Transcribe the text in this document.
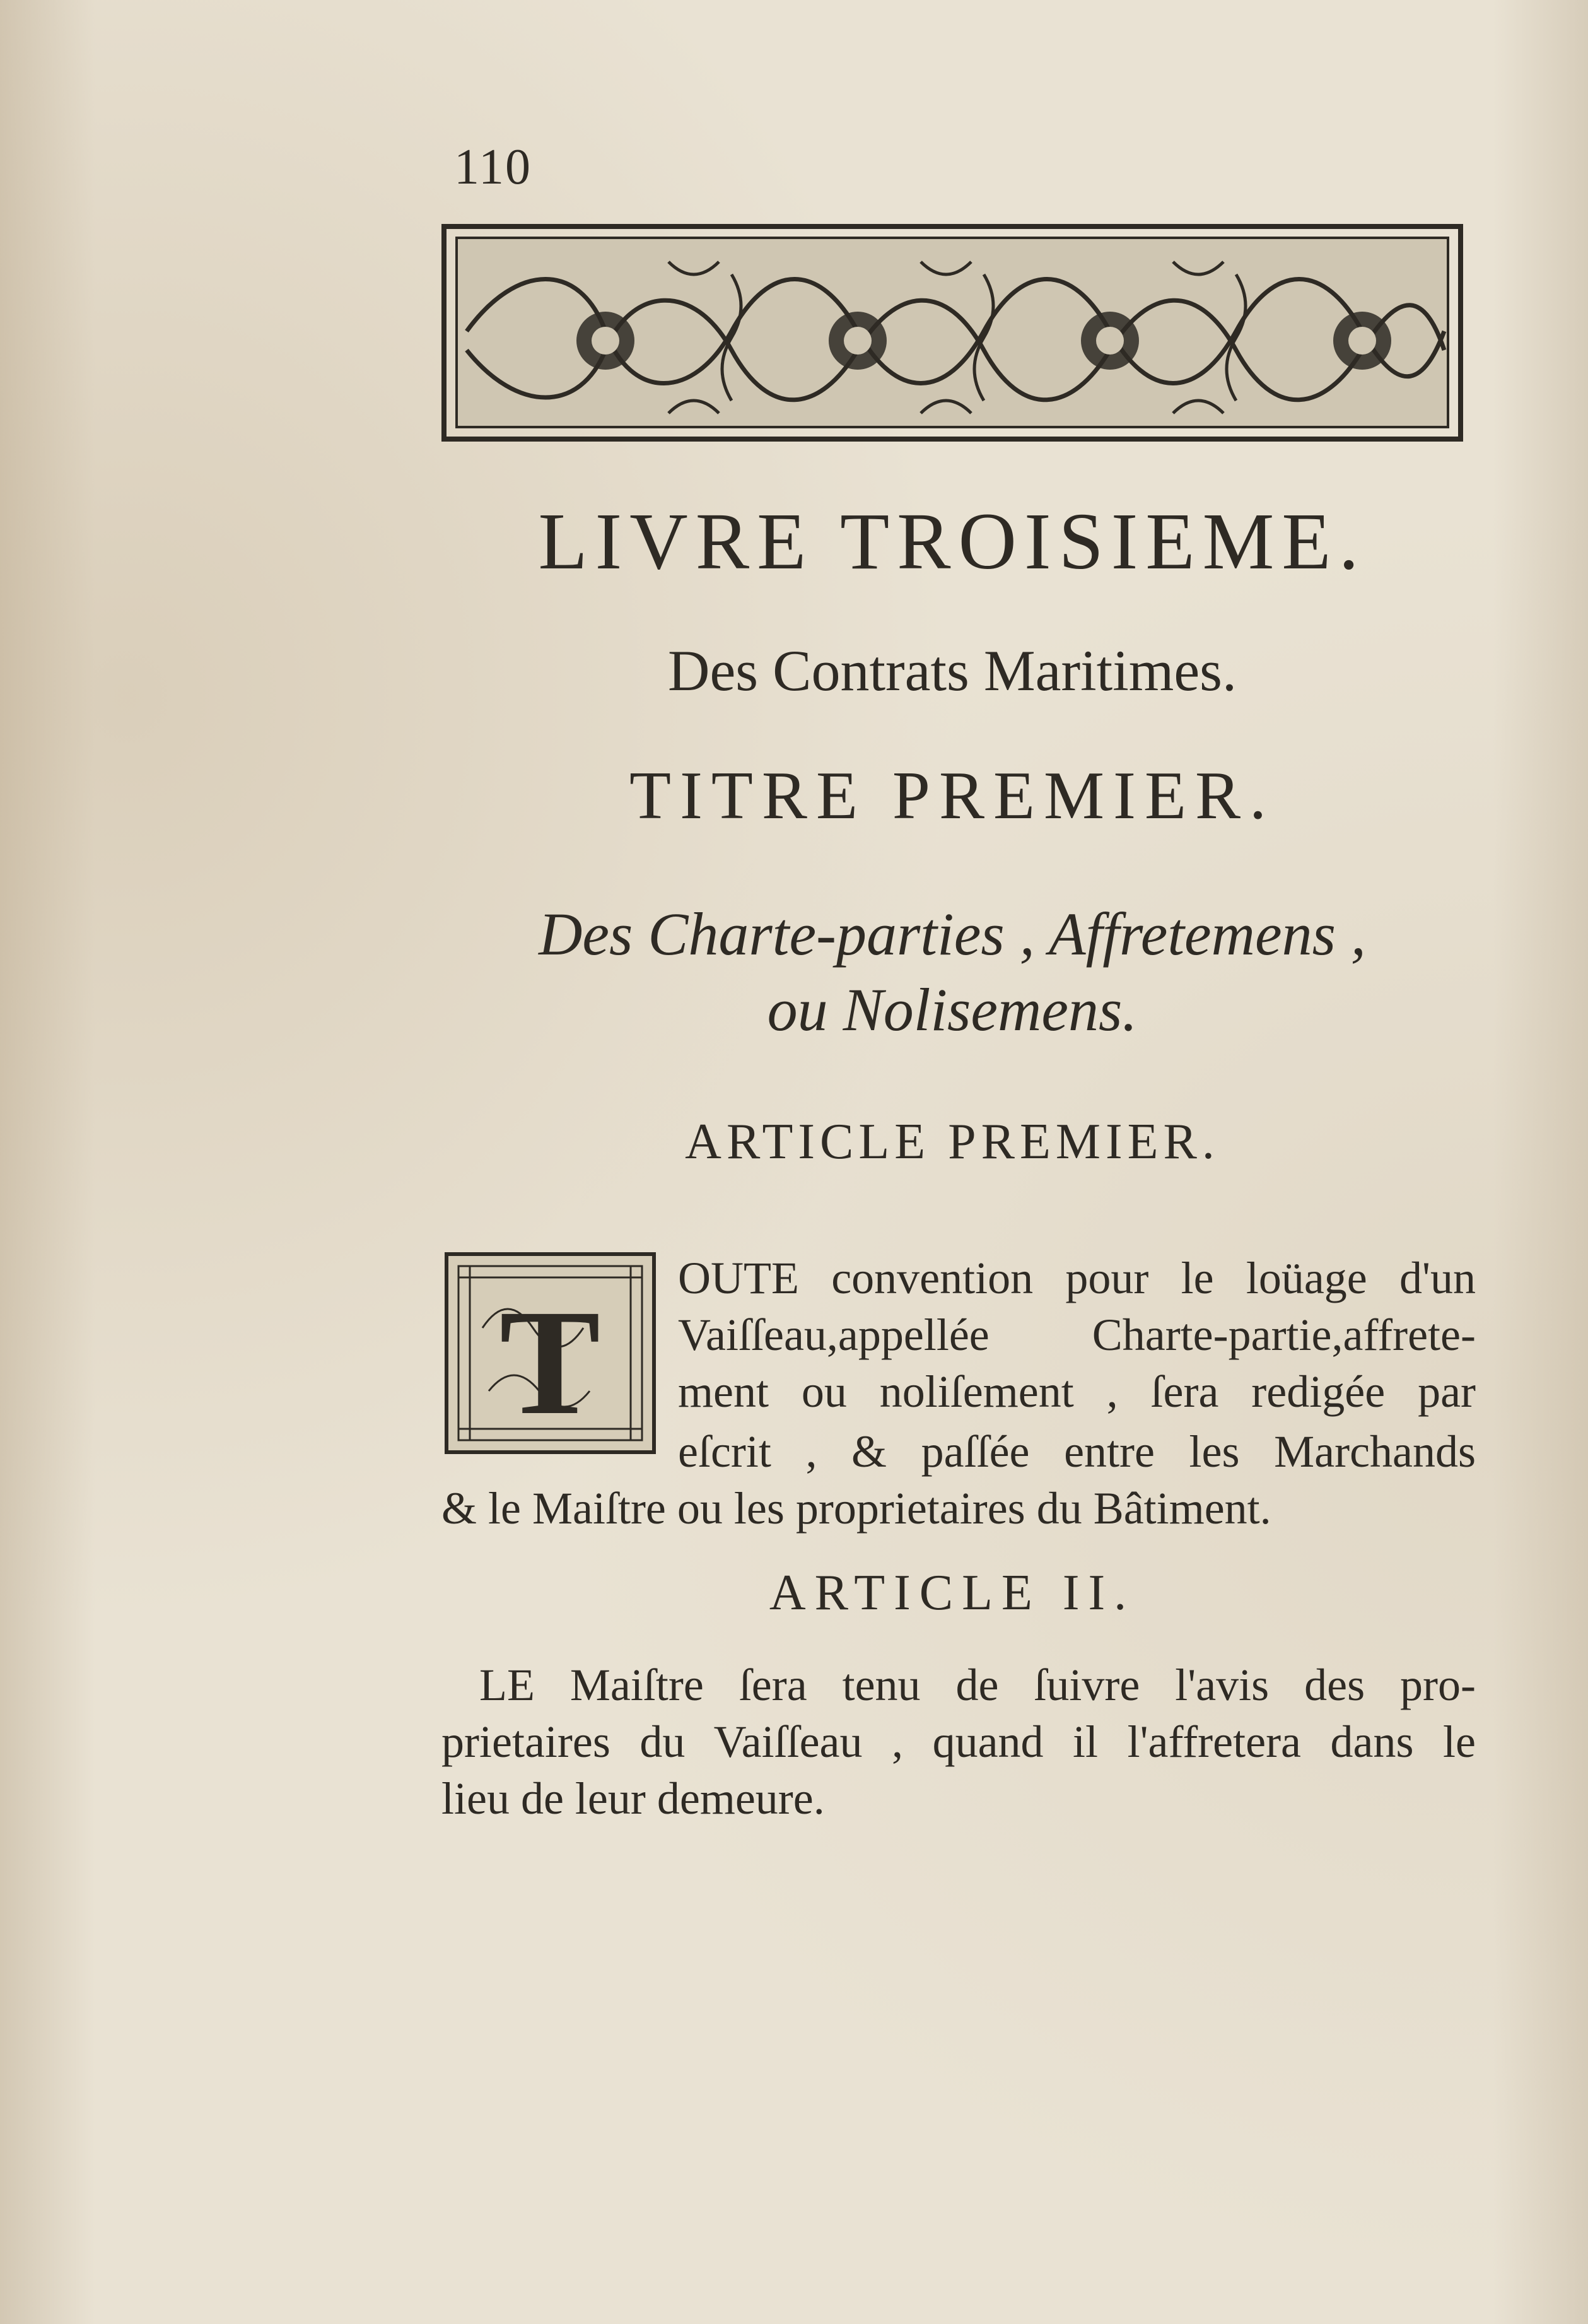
110
LIVRE TROISIEME.
Des Contrats Maritimes.
TITRE PREMIER.
Des Charte-parties , Affretemens ,
ou Nolisemens.
ARTICLE PREMIER.
T OUTE convention pour le loüage d'un
Vaiſſeau,appellée Charte-partie,affrete-
ment ou noliſement , ſera redigée par
eſcrit , & paſſée entre les Marchands
& le Maiſtre ou les proprietaires du Bâtiment.
ARTICLE II.
LE Maiſtre ſera tenu de ſuivre l'avis des pro-
prietaires du Vaiſſeau , quand il l'affretera dans le
lieu de leur demeure.
